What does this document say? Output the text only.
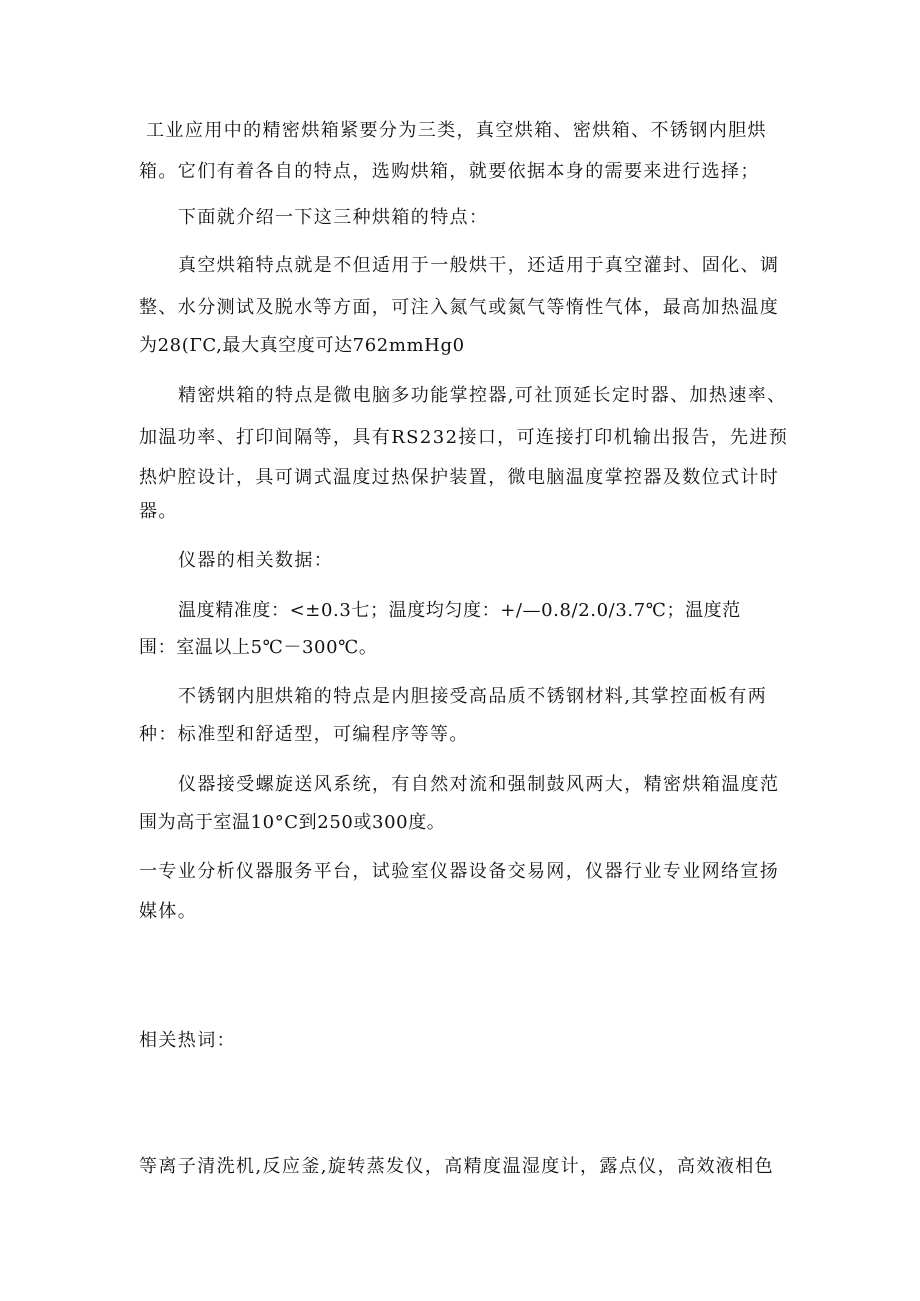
工业应用中的精密烘箱紧要分为三类，真空烘箱、密烘箱、不锈钢内胆烘
箱。它们有着各自的特点，选购烘箱，就要依据本身的需要来进行选择；
下面就介绍一下这三种烘箱的特点：
真空烘箱特点就是不但适用于一般烘干，还适用于真空灌封、固化、调
整、水分测试及脱水等方面，可注入氮气或氮气等惰性气体，最高加热温度
为28(ΓC,最大真空度可达762mmHg0
精密烘箱的特点是微电脑多功能掌控器,可社顶延长定时器、加热速率、
加温功率、打印间隔等，具有RS232接口，可连接打印机输出报告，先进预
热炉腔设计，具可调式温度过热保护装置，微电脑温度掌控器及数位式计时
器。
仪器的相关数据：
温度精准度：<±0.3七；温度均匀度：+/—0.8/2.0/3.7℃；温度范
围：室温以上5℃－300℃。
不锈钢内胆烘箱的特点是内胆接受高品质不锈钢材料,其掌控面板有两
种：标准型和舒适型，可编程序等等。
仪器接受螺旋送风系统，有自然对流和强制鼓风两大，精密烘箱温度范
围为高于室温10°C到250或300度。
一专业分析仪器服务平台，试验室仪器设备交易网，仪器行业专业网络宣扬
媒体。
相关热词：
等离子清洗机,反应釜,旋转蒸发仪，高精度温湿度计，露点仪，高效液相色
